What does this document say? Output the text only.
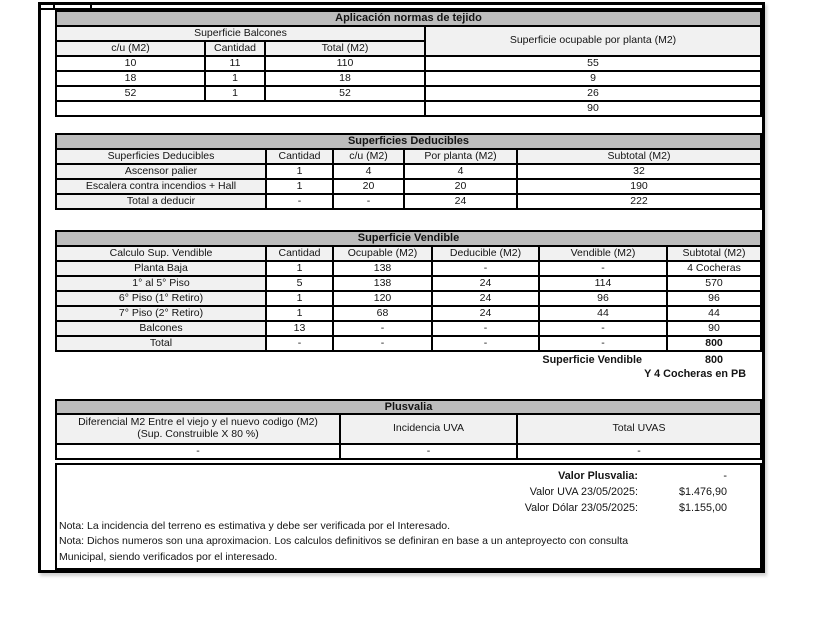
Aplicación normas de tejido
Superficie Balcones
Superficie ocupable por planta (M2)
c/u (M2)	Cantidad	Total (M2)
10	11	110	55
18	1	18	9
52	1	52	26
90
Superficies Deducibles
Superficies Deducibles	Cantidad	c/u (M2)	Por planta (M2)	Subtotal (M2)
Ascensor palier	1	4	4	32
Escalera contra incendios + Hall	1	20	20	190
Total a deducir	-	-	24	222
Superficie Vendible
Calculo Sup. Vendible	Cantidad	Ocupable (M2)	Deducible (M2)	Vendible (M2)	Subtotal (M2)
Planta Baja	1	138	-	-	4 Cocheras
1° al 5° Piso	5	138	24	114	570
6° Piso (1° Retiro)	1	120	24	96	96
7° Piso (2° Retiro)	1	68	24	44	44
Balcones	13	-	-	-	90
Total	-	-	-	-	800
Superficie Vendible	800
Y 4 Cocheras en PB
Plusvalia
Diferencial M2 Entre el viejo y el nuevo codigo (M2)
(Sup. Construible X 80 %)	Incidencia UVA	Total UVAS
-	-	-
Valor Plusvalia:	-
Valor UVA 23/05/2025:	$1.476,90
Valor Dólar 23/05/2025:	$1.155,00
Nota: La incidencia del terreno es estimativa y debe ser verificada por el Interesado.
Nota: Dichos numeros son una aproximacion. Los calculos definitivos se definiran en base a un anteproyecto con consulta
Municipal, siendo verificados por el interesado.
